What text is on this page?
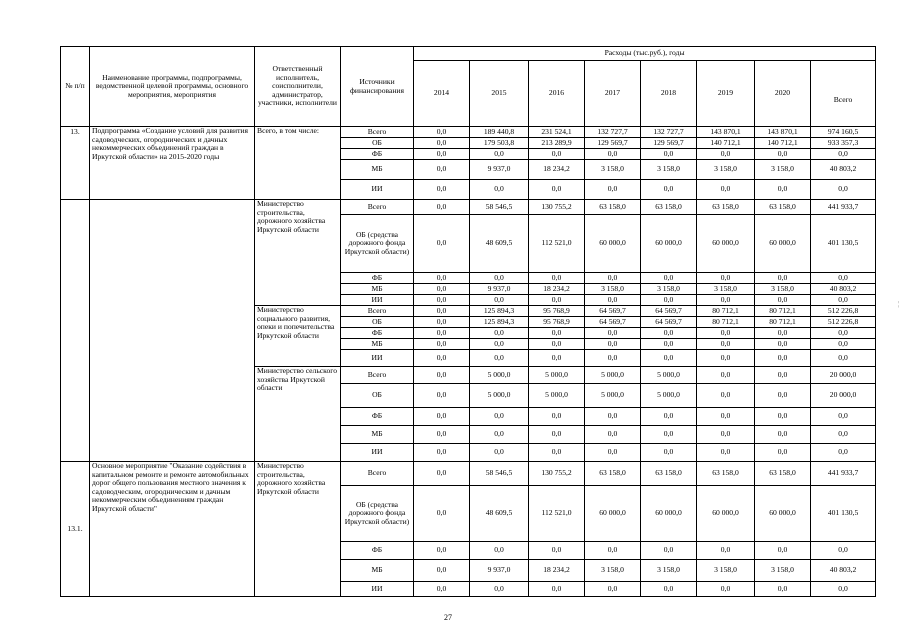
№ п/п	Наименование программы, подпрограммы, ведомственной целевой программы, основного мероприятия, мероприятия	Ответственный исполнитель, соисполнители, администратор, участники, исполнители	Источники финансирования	Расходы (тыс.руб.), годы							
				2014	2015	2016	2017	2018	2019	2020	Всего
13.	Подпрограмма «Создание условий для развития садоводческих, огороднических и дачных некоммерческих объединений граждан в Иркутской области» на 2015-2020 годы	Всего, в том числе:	Всего	0,0	189 440,8	231 524,1	132 727,7	132 727,7	143 870,1	143 870,1	974 160,5
			ОБ	0,0	179 503,8	213 289,9	129 569,7	129 569,7	140 712,1	140 712,1	933 357,3
			ФБ	0,0	0,0	0,0	0,0	0,0	0,0	0,0	0,0
			МБ	0,0	9 937,0	18 234,2	3 158,0	3 158,0	3 158,0	3 158,0	40 803,2
			ИИ	0,0	0,0	0,0	0,0	0,0	0,0	0,0	0,0
		Министерство строительства, дорожного хозяйства Иркутской области	Всего	0,0	58 546,5	130 755,2	63 158,0	63 158,0	63 158,0	63 158,0	441 933,7
			ОБ (средства дорожного фонда Иркутской области)	0,0	48 609,5	112 521,0	60 000,0	60 000,0	60 000,0	60 000,0	401 130,5
			ФБ	0,0	0,0	0,0	0,0	0,0	0,0	0,0	0,0
			МБ	0,0	9 937,0	18 234,2	3 158,0	3 158,0	3 158,0	3 158,0	40 803,2
			ИИ	0,0	0,0	0,0	0,0	0,0	0,0	0,0	0,0
		Министерство социального развития, опеки и попечительства Иркутской области	Всего	0,0	125 894,3	95 768,9	64 569,7	64 569,7	80 712,1	80 712,1	512 226,8
			ОБ	0,0	125 894,3	95 768,9	64 569,7	64 569,7	80 712,1	80 712,1	512 226,8
			ФБ	0,0	0,0	0,0	0,0	0,0	0,0	0,0	0,0
			МБ	0,0	0,0	0,0	0,0	0,0	0,0	0,0	0,0
			ИИ	0,0	0,0	0,0	0,0	0,0	0,0	0,0	0,0
		Министерство сельского хозяйства Иркутской области	Всего	0,0	5 000,0	5 000,0	5 000,0	5 000,0	0,0	0,0	20 000,0
			ОБ	0,0	5 000,0	5 000,0	5 000,0	5 000,0	0,0	0,0	20 000,0
			ФБ	0,0	0,0	0,0	0,0	0,0	0,0	0,0	0,0
			МБ	0,0	0,0	0,0	0,0	0,0	0,0	0,0	0,0
			ИИ	0,0	0,0	0,0	0,0	0,0	0,0	0,0	0,0
13.1.	Основное мероприятие "Оказание содействия в капитальном ремонте и ремонте автомобильных дорог общего пользования местного значения к садоводческим, огородническим и дачным некоммерческим объединениям граждан Иркутской области"	Министерство строительства, дорожного хозяйства Иркутской области	Всего	0,0	58 546,5	130 755,2	63 158,0	63 158,0	63 158,0	63 158,0	441 933,7
			ОБ (средства дорожного фонда Иркутской области)	0,0	48 609,5	112 521,0	60 000,0	60 000,0	60 000,0	60 000,0	401 130,5
			ФБ	0,0	0,0	0,0	0,0	0,0	0,0	0,0	0,0
			МБ	0,0	9 937,0	18 234,2	3 158,0	3 158,0	3 158,0	3 158,0	40 803,2
			ИИ	0,0	0,0	0,0	0,0	0,0	0,0	0,0	0,0
27
¦
